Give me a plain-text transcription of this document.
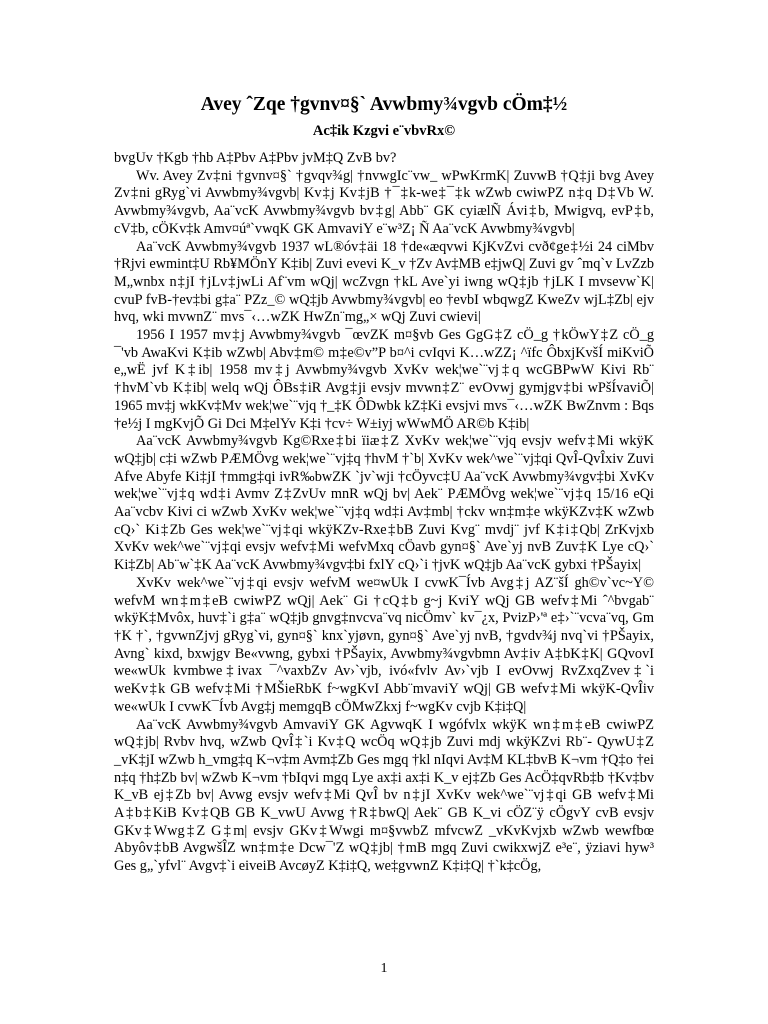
Avey ˆZqe †gvnv¤§` Avwbmy¾vgvb cÖm‡½
Ac‡ik Kzgvi e¨vbvRx©

bvgUv †Kgb †hb A‡Pbv A‡Pbv jvM‡Q ZvB bv?

Wv. Avey Zv‡ni †gvnv¤§` †gvqv¾g| †nvwgIc¨vw_ wPwKrmK| ZuvwB †Q‡ji bvg Avey Zv‡ni gRyg`vi Avwbmy¾vgvb| Kv‡j Kv‡jB †¯‡k-we‡¯‡k wZwb cwiwPZ n‡q D‡Vb W. Avwbmy¾vgvb, Aa¨vcK Avwbmy¾vgvb bv‡g| Abb¨ GK cyiælÑ Ávi‡b, Mwigvq, evP‡b, cV‡b, cÖKv‡k Amv¤úª`vwqK GK AmvaviY e¨w³Z¡ Ñ Aa¨vcK Avwbmy¾vgvb|

Aa¨vcK Avwbmy¾vgvb 1937 wL®óv‡äi 18 †de«æqvwi KjKvZvi cvð¢ge‡½i 24 ciMbv †Rjvi ewmint‡U Rb¥MÖnY K‡ib| Zuvi evevi K_v †Zv Av‡MB e‡jwQ| Zuvi gv ˆmq`v LvZzb M„wnbx n‡jI †jLv‡jwLi Af¨vm wQj| wcZvgn †kL Ave`yi iwng wQ‡jb †jLK I mvsevw`K| cvuP fvB-†ev‡bi g‡a¨ PZz_© wQ‡jb Avwbmy¾vgvb| eo †evbI wbqwgZ KweZv wjL‡Zb| ejv hvq, wki mvwnZ¨ mvs¯‹…wZK HwZn¨mg„× wQj Zuvi cwievi|

1956 I 1957 mv‡j Avwbmy¾vgvb ¯œvZK m¤§vb Ges GgG‡Z cÖ_g †kÖwY‡Z cÖ_g ¯'vb AwaKvi K‡ib wZwb| Abv‡m© m‡e©v”P b¤^i cvIqvi K…wZZ¡ ^ïfc ÔbxjKvšÍ miKviÕ e„wË jvf K‡ib| 1958 mv‡j Avwbmy¾vgvb XvKv wek¦we`¨vj‡q wcGBPwW Kivi Rb¨ †hvM`vb K‡ib| welq wQj ÔBs‡iR Avg‡ji evsjv mvwn‡Z¨ evOvwj gymjgv‡bi wPšÍvaviÕ| 1965 mv‡j wkKv‡Mv wek¦we`¨vjq †_‡K ÔDwbk kZ‡Ki evsjvi mvs¯‹…wZK BwZnvm : Bqs †e½j I mgKvjÕ Gi Dci M‡elYv K‡i †cv÷ W±iyj wWwMÖ AR©b K‡ib|

Aa¨vcK Avwbmy¾vgvb Kg©Rxe‡bi ïiæ‡Z XvKv wek¦we`¨vjq evsjv wefv‡Mi wkÿK wQ‡jb| c‡i wZwb PÆMÖvg wek¦we`¨vj‡q †hvM †`b| XvKv wek^we`¨vj‡qi QvÎ-QvÎxiv Zuvi Afve Abyfe Ki‡jI †mmg‡qi ivR‰bwZK `jv`wji †cÖyvc‡U Aa¨vcK Avwbmy¾vgv‡bi XvKv wek¦we`¨vj‡q wd‡i Avmv Z‡ZvUv mnR wQj bv| Aek¨ PÆMÖvg wek¦we`¨vj‡q 15/16 eQi Aa¨vcbv Kivi ci wZwb XvKv wek¦we`¨vj‡q wd‡i Av‡mb| †ckv wn‡m‡e wkÿKZv‡K wZwb cQ›` Ki‡Zb Ges wek¦we`¨vj‡qi wkÿKZv-Rxe‡bB Zuvi Kvg¨ mvdj¨ jvf K‡i‡Qb| ZrKvjxb XvKv wek^we`¨vj‡qi evsjv wefv‡Mi wefvMxq cÖavb gyn¤§` Ave`yj nvB Zuv‡K Lye cQ›` Ki‡Zb| Ab¨w`‡K Aa¨vcK Avwbmy¾vgv‡bi fxlY cQ›`i †jvK wQ‡jb Aa¨vcK gybxi †PŠayix|

XvKv wek^we`¨vj‡qi evsjv wefvM we¤wUk I cvwK¯Ívb Avg‡j AZ¨šÍ gh©v`vc~Y© wefvM wn‡m‡eB cwiwPZ wQj| Aek¨ Gi †cQ‡b g~j KviY wQj GB wefv‡Mi ˆ^bvgab¨ wkÿK‡Mvôx, huv‡`i g‡a¨ wQ‡jb gnvg‡nvcva¨vq nicÖmv` kv¯¿x, PvizP›'ª e‡›`¨vcva¨vq, Gm †K †`, †gvwnZjvj gRyg`vi, gyn¤§` knx`yjøvn, gyn¤§` Ave`yj nvB, †gvdv¾j nvq`vi †PŠayix, Avng` kixd, bxwjgv Be«vwng, gybxi †PŠayix, Avwbmy¾vgvbmn Av‡iv A‡bK‡K| GQvovI we«wUk kvmbwe‡ivax ¯^vaxbZv Av›`vjb, ivó«fvlv Av›`vjb I evOvwj RvZxqZvev‡`i weKv‡k GB wefv‡Mi †MŠieRbK f~wgKvI Abb¨mvaviY wQj| GB wefv‡Mi wkÿK-QvÎiv we«wUk I cvwK¯Ívb Avg‡j memgqB cÖMwZkxj f~wgKv cvjb K‡i‡Q|

Aa¨vcK Avwbmy¾vgvb AmvaviY GK AgvwqK I wgófvlx wkÿK wn‡m‡eB cwiwPZ wQ‡jb| Rvbv hvq, wZwb QvÎ‡`i Kv‡Q wcÖq wQ‡jb Zuvi mdj wkÿKZvi Rb¨- QywU‡Z _vK‡jI wZwb h_vmg‡q K¬v‡m Avm‡Zb Ges mgq †kl nIqvi Av‡M KL‡bvB K¬vm †Q‡o †ei n‡q †h‡Zb bv| wZwb K¬vm †bIqvi mgq Lye ax‡i ax‡i K_v ej‡Zb Ges AcÖ‡qvRb‡b †Kv‡bv K_vB ej‡Zb bv| Avwg evsjv wefv‡Mi QvÎ bv n‡jI XvKv wek^we`¨vj‡qi GB wefv‡Mi A‡b‡KiB Kv‡QB GB K_vwU Avwg †R‡bwQ| Aek¨ GB K_vi cÖZ¨ÿ cÖgvY cvB evsjv GKv‡Wwg‡Z G‡m| evsjv GKv‡Wwgi m¤§vwbZ mfvcwZ _vKvKvjxb wZwb wewfbœ Abyôv‡bB AvgwšÎZ wn‡m‡e Dcw¯'Z wQ‡jb| †mB mgq Zuvi cwikxwjZ e³e¨, ÿziavi hyw³ Ges g„`yfvl¨ Avgv‡`i eiveiB AvcøyZ K‡i‡Q, we‡gvwnZ K‡i‡Q| †`k‡cÖg,

1
